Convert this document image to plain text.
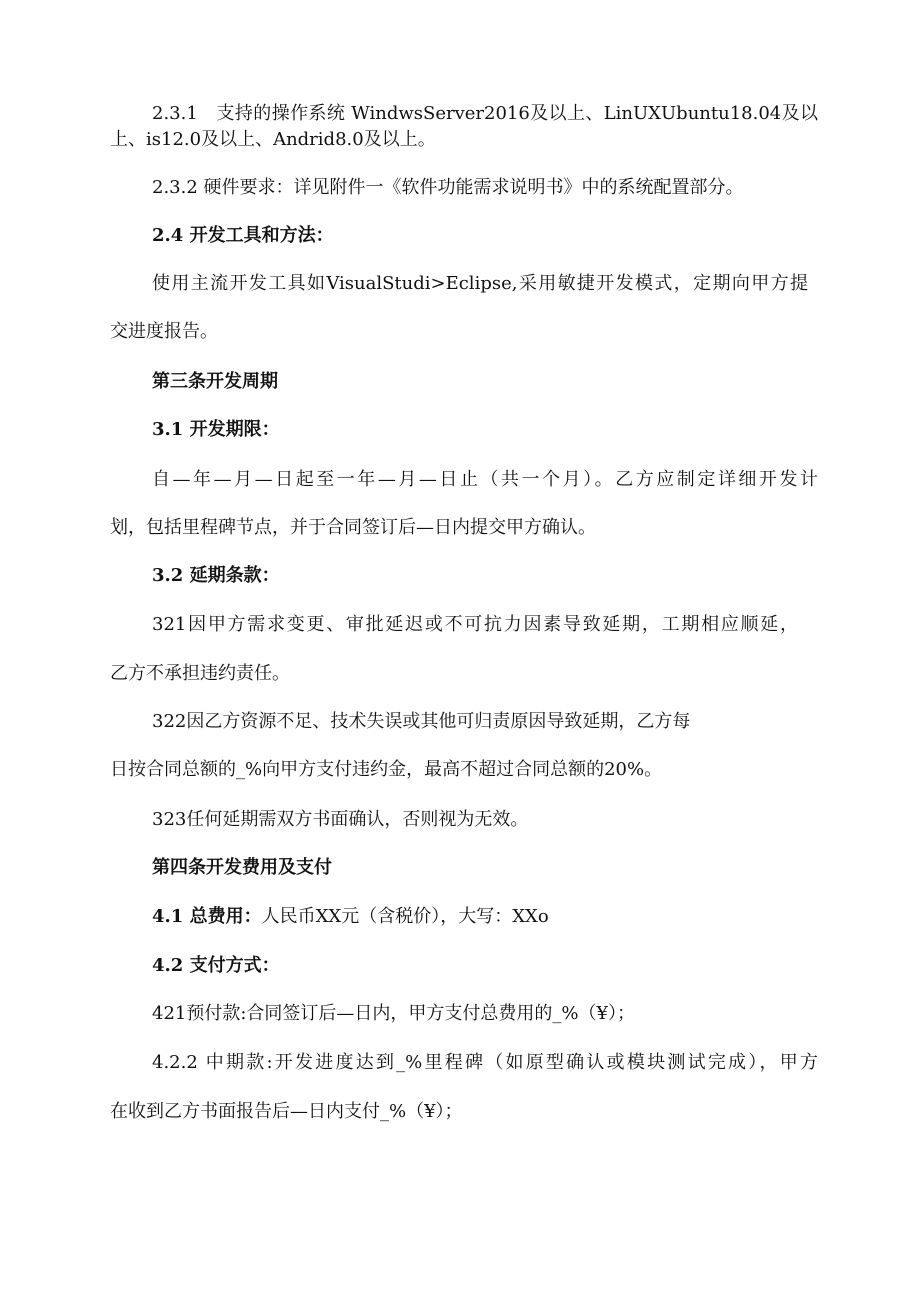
2.3.1　支持的操作系统 WindwsServer2016及以上、LinUXUbuntu18.04及以

上、is12.0及以上、Andrid8.0及以上。

2.3.2 硬件要求：详见附件一《软件功能需求说明书》中的系统配置部分。

2.4 开发工具和方法：

使用主流开发工具如VisualStudi>Eclipse,采用敏捷开发模式，定期向甲方提

交进度报告。

第三条开发周期

3.1 开发期限：

自—年—月—日起至一年—月—日止（共一个月）。乙方应制定详细开发计

划，包括里程碑节点，并于合同签订后—日内提交甲方确认。

3.2 延期条款：

321因甲方需求变更、审批延迟或不可抗力因素导致延期，工期相应顺延，

乙方不承担违约责任。

322因乙方资源不足、技术失误或其他可归责原因导致延期，乙方每

日按合同总额的_%向甲方支付违约金，最高不超过合同总额的20%。

323任何延期需双方书面确认，否则视为无效。

第四条开发费用及支付

4.1 总费用：人民币XX元（含税价），大写：XXo

4.2 支付方式：

421预付款:合同签订后—日内，甲方支付总费用的_%（¥）；

4.2.2 中期款:开发进度达到_%里程碑（如原型确认或模块测试完成），甲方

在收到乙方书面报告后—日内支付_%（¥）；
